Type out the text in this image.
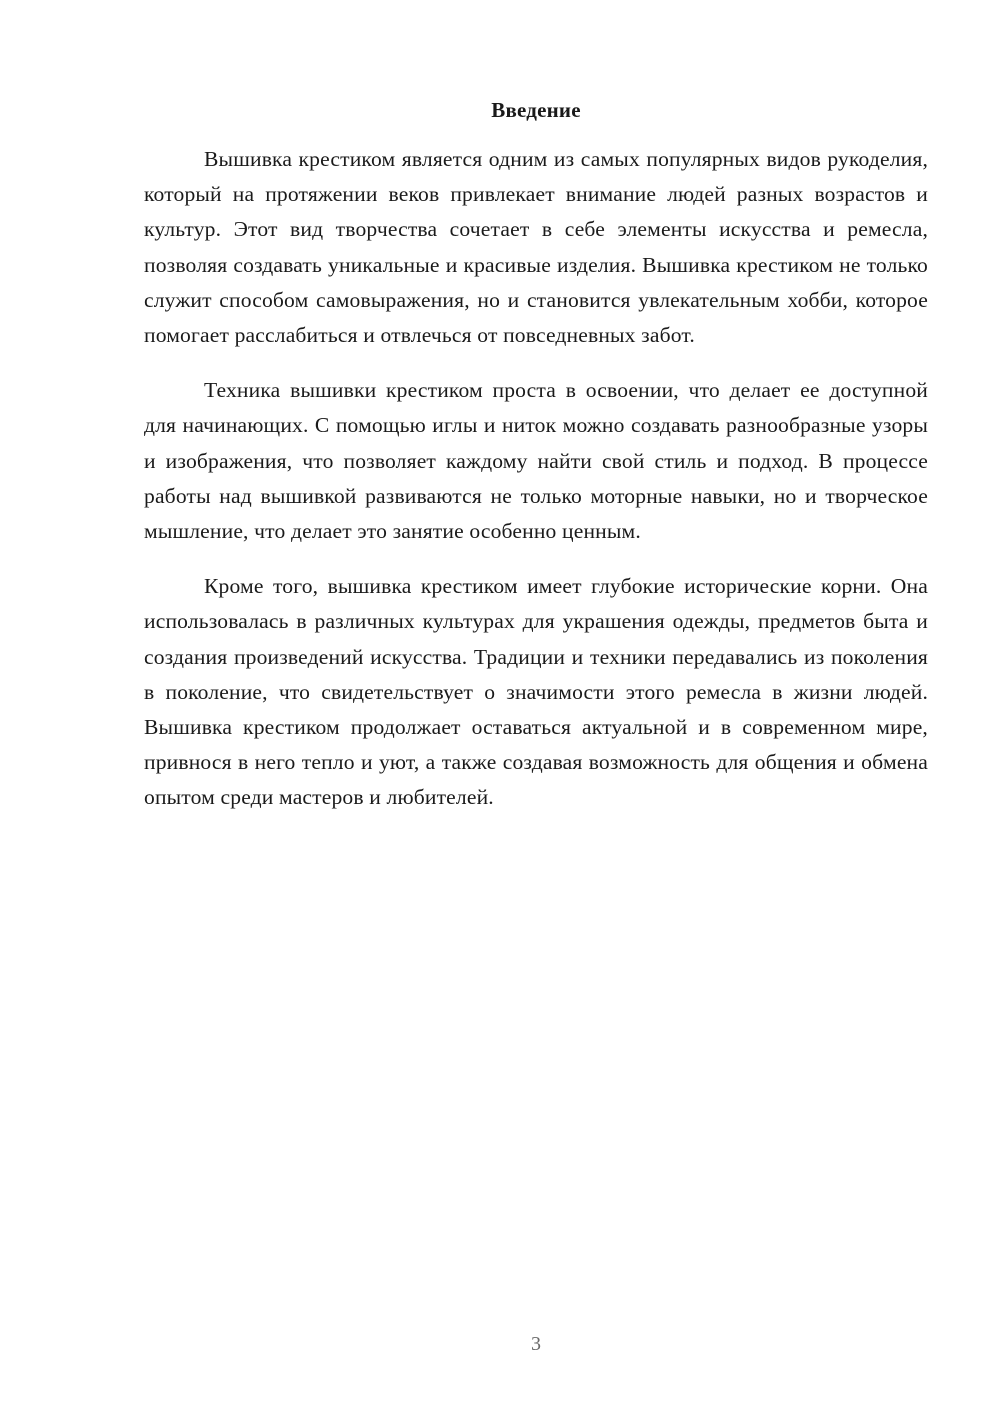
Введение

Вышивка крестиком является одним из самых популярных видов рукоделия, который на протяжении веков привлекает внимание людей разных возрастов и культур. Этот вид творчества сочетает в себе элементы искусства и ремесла, позволяя создавать уникальные и красивые изделия. Вышивка крестиком не только служит способом самовыражения, но и становится увлекательным хобби, которое помогает расслабиться и отвлечься от повседневных забот.

Техника вышивки крестиком проста в освоении, что делает ее доступной для начинающих. С помощью иглы и ниток можно создавать разнообразные узоры и изображения, что позволяет каждому найти свой стиль и подход. В процессе работы над вышивкой развиваются не только моторные навыки, но и творческое мышление, что делает это занятие особенно ценным.

Кроме того, вышивка крестиком имеет глубокие исторические корни. Она использовалась в различных культурах для украшения одежды, предметов быта и создания произведений искусства. Традиции и техники передавались из поколения в поколение, что свидетельствует о значимости этого ремесла в жизни людей. Вышивка крестиком продолжает оставаться актуальной и в современном мире, привнося в него тепло и уют, а также создавая возможность для общения и обмена опытом среди мастеров и любителей.

3
